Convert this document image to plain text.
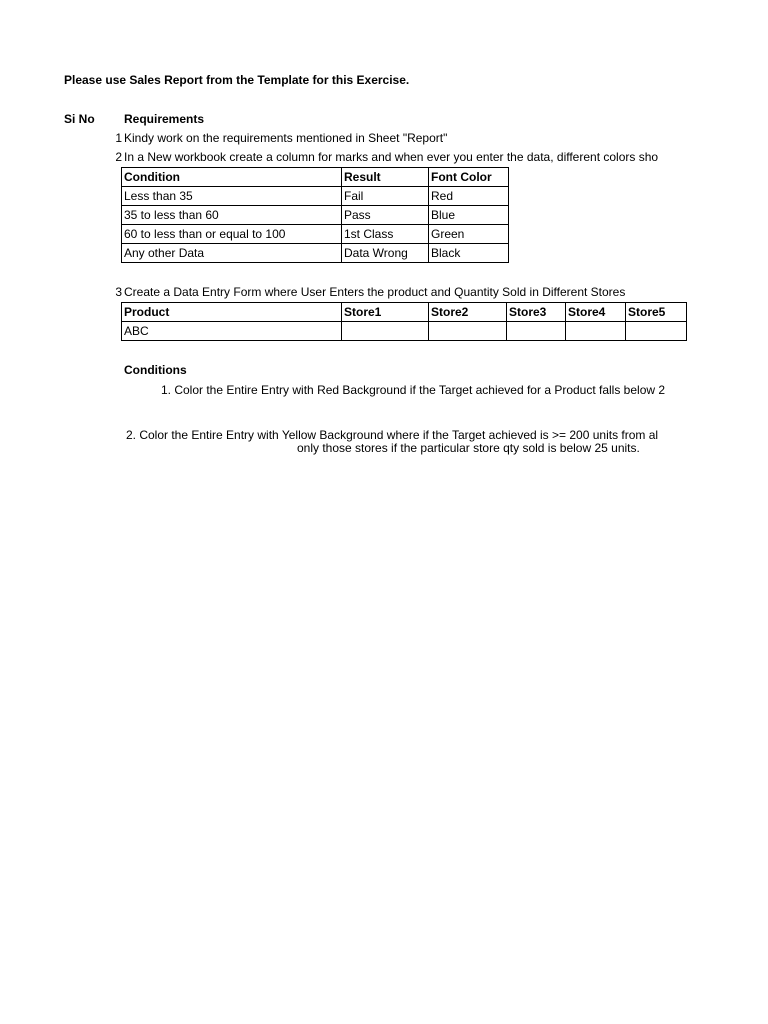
Please use Sales Report from the Template for this Exercise.
Si No Requirements
1 Kindy work on the requirements mentioned in Sheet "Report"
2 In a New workbook create a column for marks and when ever you enter the data, different colors sho
Condition	Result	Font Color
Less than 35	Fail	Red
35 to less than 60	Pass	Blue
60 to less than or equal to 100	1st Class	Green
Any other Data	Data Wrong	Black
3 Create a Data Entry Form where User Enters the product and Quantity Sold in Different Stores
Product	Store1	Store2	Store3	Store4	Store5
ABC					
Conditions
1. Color the Entire Entry with Red Background if the Target achieved for a Product falls below 2
2. Color the Entire Entry with Yellow Background where if the Target achieved is >= 200 units from al
only those stores if the particular store qty sold is below 25 units.
